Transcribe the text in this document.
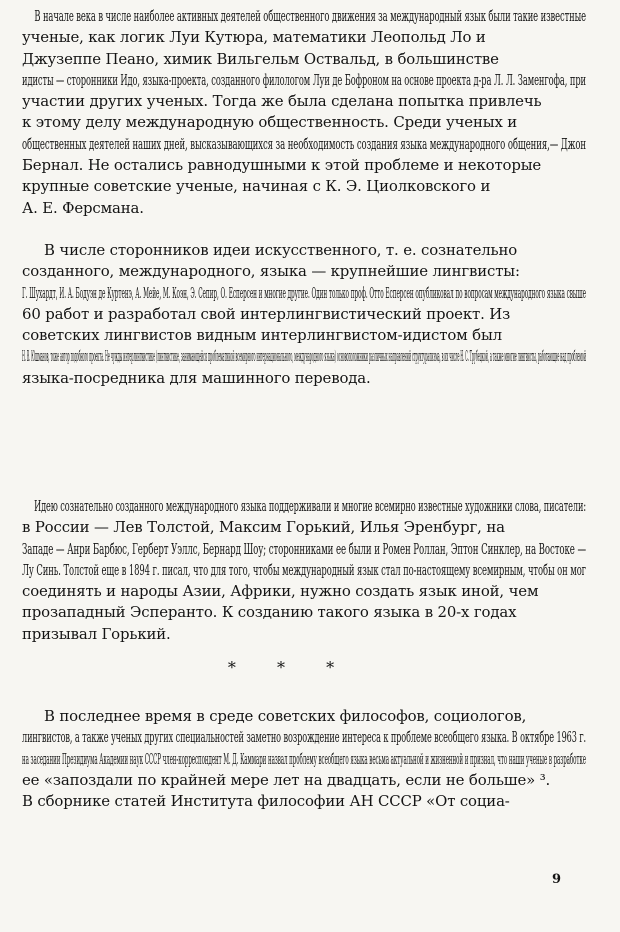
  В начале века в числе наиболее активных деятелей общественного движения за международный язык были такие известные
ученые, как логик Луи Кутюра, математики Леопольд Ло и
Джузеппе Пеано, химик Вильгельм Оствальд, в большинстве
идисты — сторонники Идо, языка-проекта, созданного филологом Луи де Бофроном на основе проекта д-ра Л. Л. Заменгофа, при
участии других ученых. Тогда же была сделана попытка привлечь
к этому делу международную общественность. Среди ученых и
общественных деятелей наших дней, высказывающихся за необходимость создания языка международного общения,— Джон
Бернал. Не остались равнодушными к этой проблеме и некоторые
крупные советские ученые, начиная с К. Э. Циолковского и
А. Е. Ферсмана.

  В числе сторонников идеи искусственного, т. е. сознательно
созданного, международного, языка — крупнейшие лингвисты:
Г. Шухардт, И. А. Бодуэн де Куртенэ, А. Мейе, М. Коэн, Э. Сепир, О. Есперсен и многие другие. Один только проф. Отто Есперсен опубликовал по вопросам международного языка свыше
60 работ и разработал свой интерлингвистический проект. Из
советских лингвистов видным интерлингвистом-идистом был
Н. В. Юшманов, тоже автор подобного проекта. Не чужды интерлингвистике (лингвистике, занимающейся проблематикой всемирного интернационального, международного языка) основоположники различных направлений структурализма, в их числе Н. С. Трубецкой, а также многие лингвисты, работающие над проблемой
языка-посредника для машинного перевода.

  Идею сознательно созданного международного языка поддерживали и многие всемирно известные художники слова, писатели:
в России — Лев Толстой, Максим Горький, Илья Эренбург, на
Западе — Анри Барбюс, Герберт Уэллс, Бернард Шоу; сторонниками ее были и Ромен Роллан, Эптон Синклер, на Востоке —
Лу Синь. Толстой еще в 1894 г. писал, что для того, чтобы международный язык стал по-настоящему всемирным, чтобы он мог
соединять и народы Азии, Африки, нужно создать язык иной, чем
прозападный Эсперанто. К созданию такого языка в 20-х годах
призывал Горький.

* * *

  В последнее время в среде советских философов, социологов,
лингвистов, а также ученых других специальностей заметно возрождение интереса к проблеме всеобщего языка. В октябре 1963 г.
на заседании Президиума Академии наук СССР член-корреспондент М. Д. Каммари назвал проблему всеобщего языка весьма актуальной и жизненной и признал, что наши ученые в разработке
ее «запоздали по крайней мере лет на двадцать, если не больше» ³.
В сборнике статей Института философии АН СССР «От социа-

9
